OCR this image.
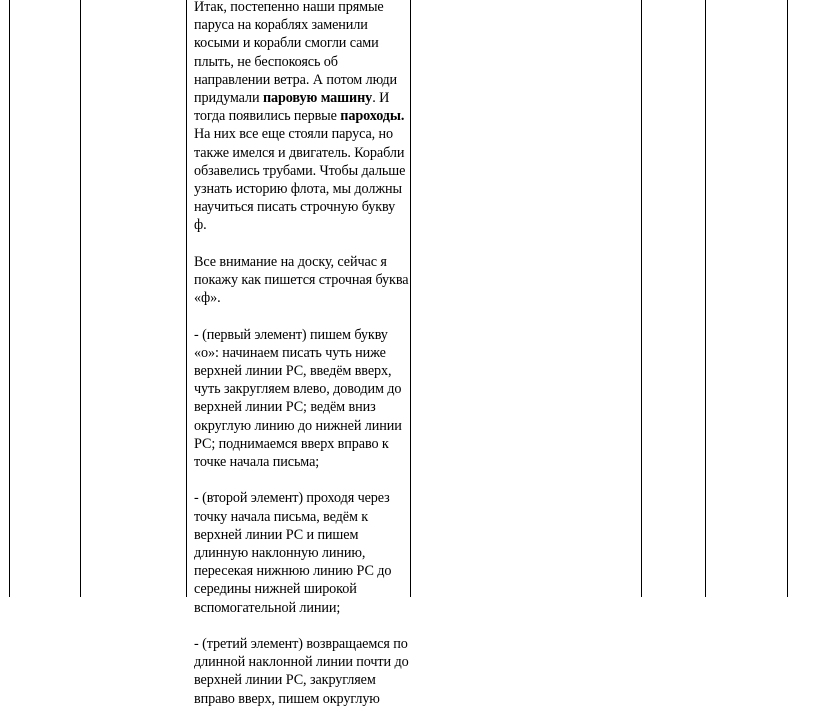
Итак, постепенно наши прямые паруса на кораблях заменили косыми и корабли смогли сами плыть, не беспокоясь об направлении ветра. А потом люди придумали паровую машину. И тогда появились первые пароходы. На них все еще стояли паруса, но также имелся и двигатель. Корабли обзавелись трубами. Чтобы дальше узнать историю флота, мы должны научиться писать строчную букву ф.

Все внимание на доску, сейчас я покажу как пишется строчная буква «ф».

- (первый элемент) пишем букву «о»: начинаем писать чуть ниже верхней линии РС, введём вверх, чуть закругляем влево, доводим до верхней линии РС; ведём вниз округлую линию до нижней линии РС; поднимаемся вверх вправо к точке начала письма;

- (второй элемент) проходя через точку начала письма, ведём к верхней линии РС и пишем длинную наклонную линию, пересекая нижнюю линию РС до середины нижней широкой вспомогательной линии;

- (третий элемент) возвращаемся по длинной наклонной линии почти до верхней линии РС, закругляем вправо вверх, пишем округлую
